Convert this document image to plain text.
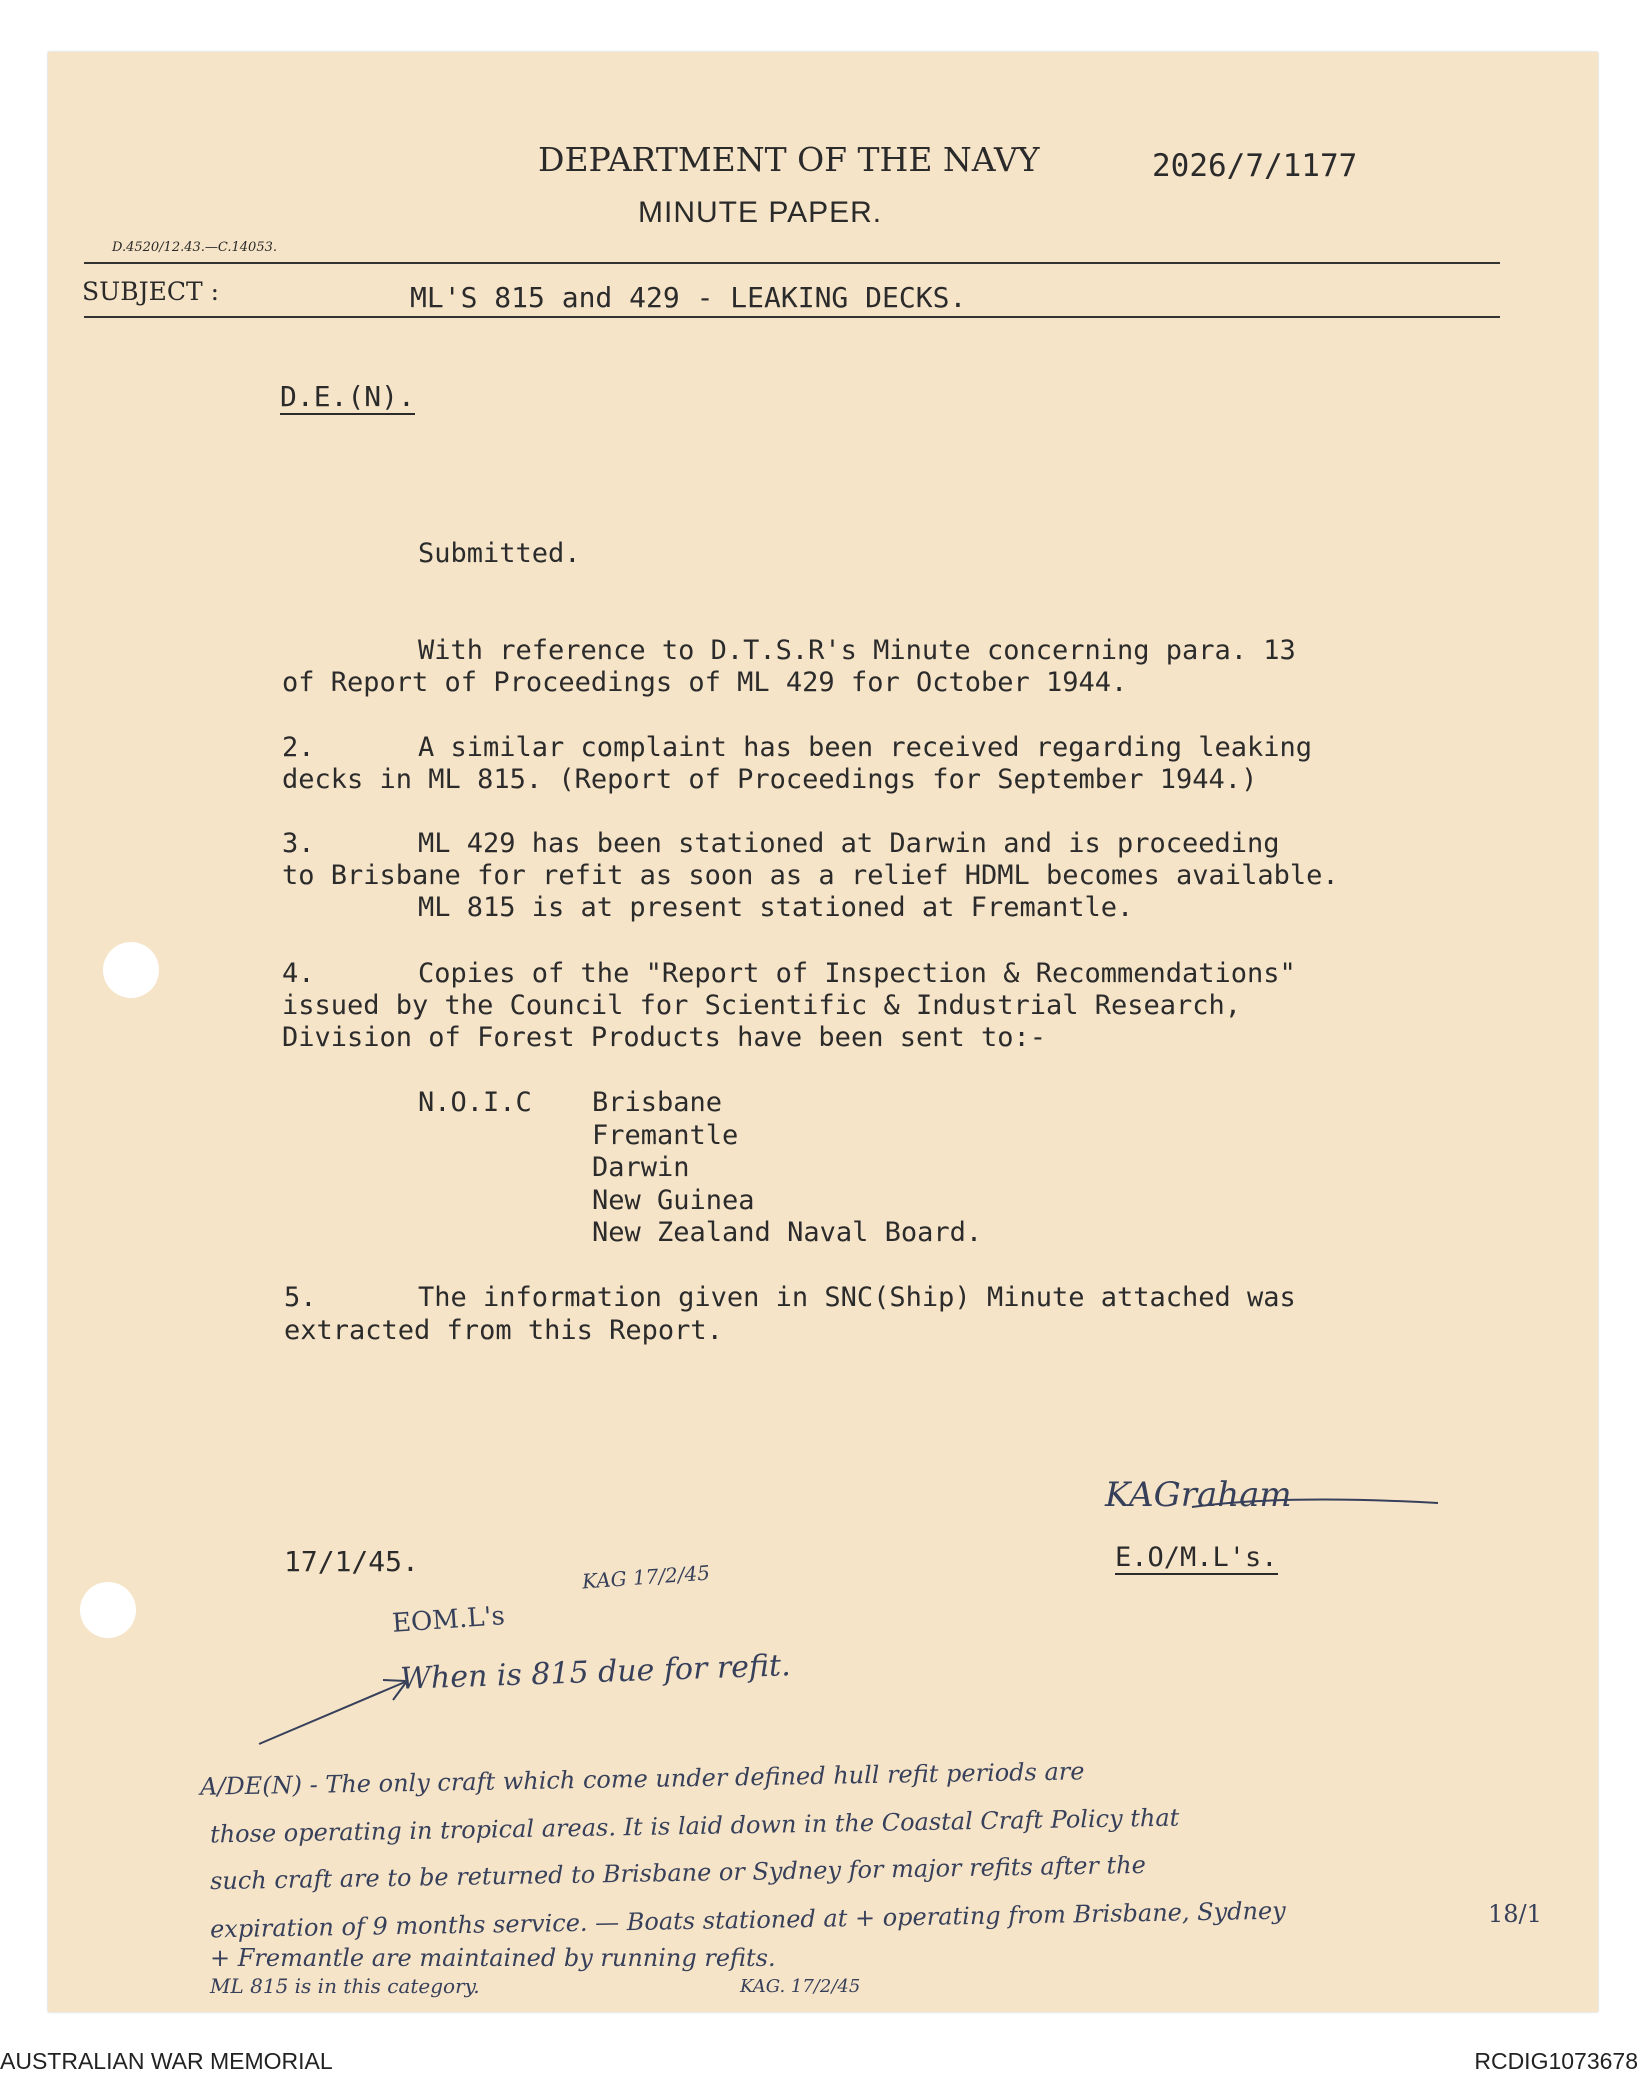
DEPARTMENT OF THE NAVY	2026/7/1177
MINUTE PAPER.
D.4520/12.43.—C.14053.
SUBJECT :	ML'S 815 and 429 - LEAKING DECKS.
D.E.(N).
Submitted.
With reference to D.T.S.R's Minute concerning para. 13
of Report of Proceedings of ML 429 for October 1944.
2.	A similar complaint has been received regarding leaking
decks in ML 815. (Report of Proceedings for September 1944.)
3.	ML 429 has been stationed at Darwin and is proceeding
to Brisbane for refit as soon as a relief HDML becomes available.
ML 815 is at present stationed at Fremantle.
4.	Copies of the "Report of Inspection & Recommendations"
issued by the Council for Scientific & Industrial Research,
Division of Forest Products have been sent to:-
N.O.I.C Brisbane
Fremantle
Darwin
New Guinea
New Zealand Naval Board.
5.	The information given in SNC(Ship) Minute attached was
extracted from this Report.
KAGraham
E.O/M.L's.
17/1/45.	KAG 17/2/45
EOM.L's
When is 815 due for refit.
A/DE(N) - The only craft which come under defined hull refit periods are
those operating in tropical areas. It is laid down in the Coastal Craft Policy that
such craft are to be returned to Brisbane or Sydney for major refits after the
expiration of 9 months service. — Boats stationed at + operating from Brisbane, Sydney
+ Fremantle are maintained by running refits.
ML 815 is in this category.	KAG. 17/2/45
18/1
AUSTRALIAN WAR MEMORIAL	RCDIG1073678
